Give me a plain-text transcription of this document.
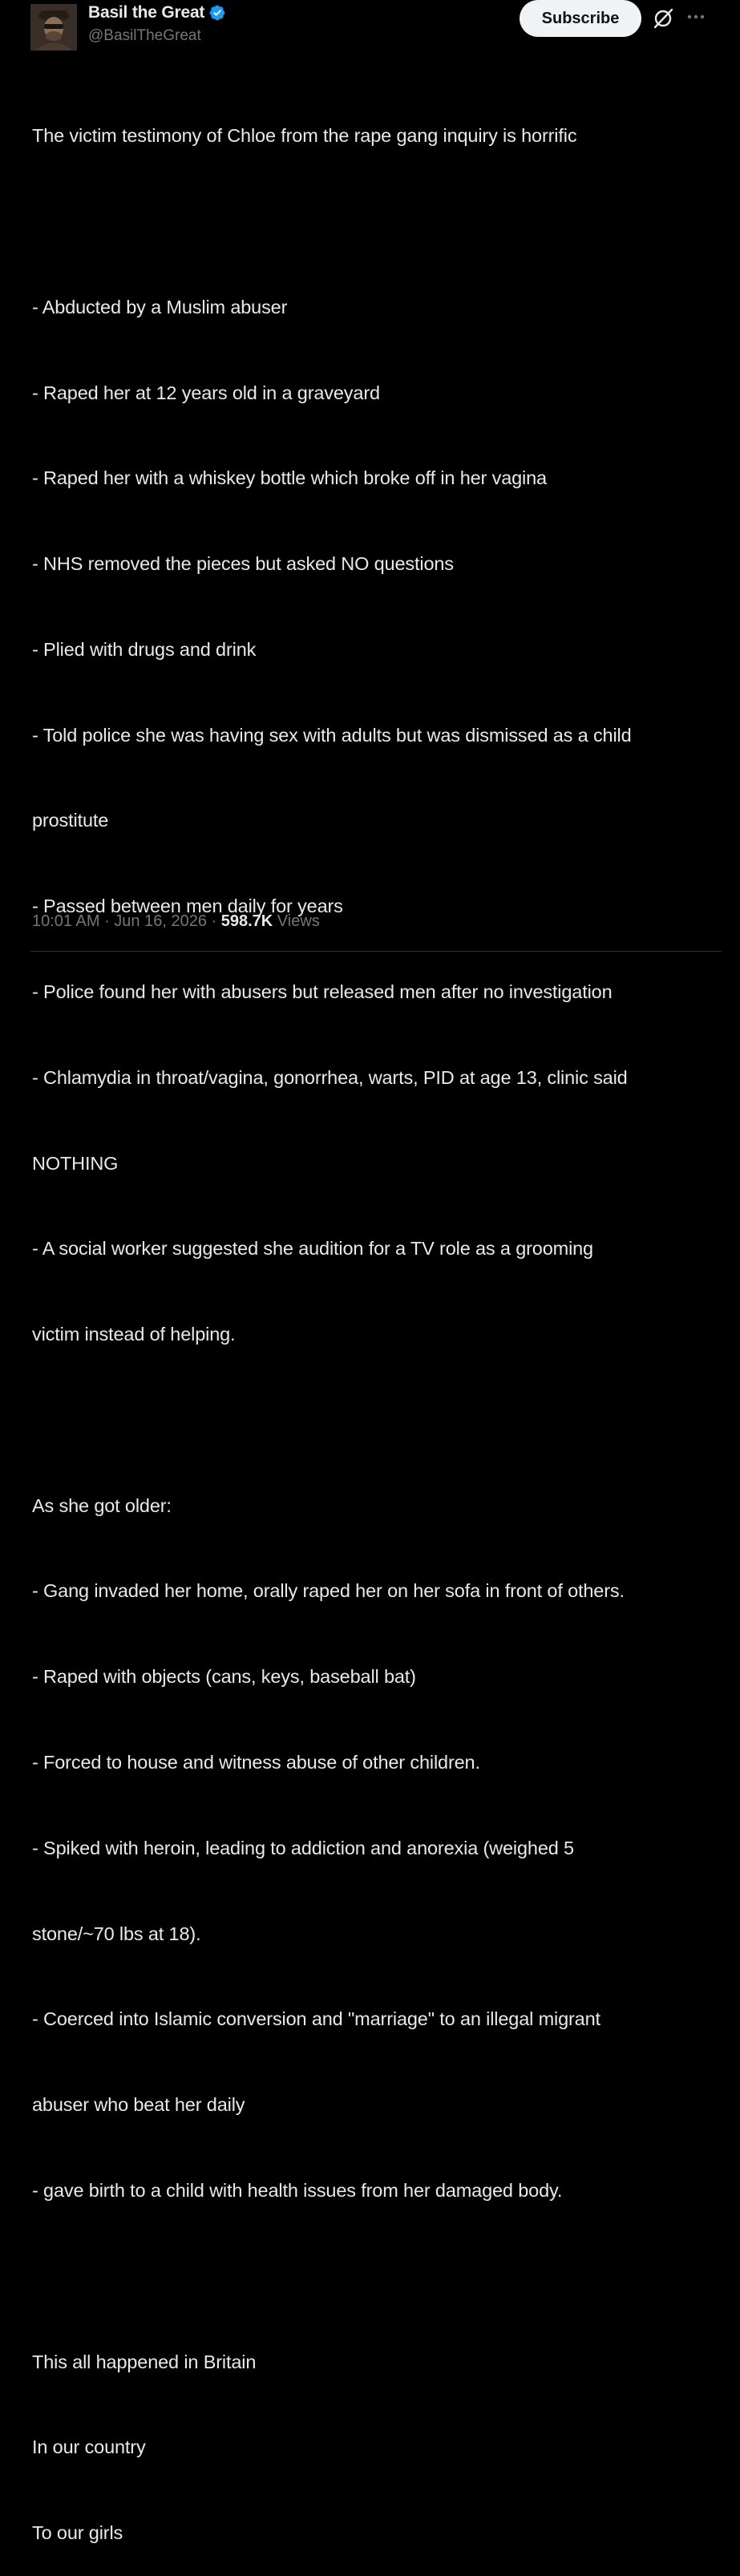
Basil the Great
@BasilTheGreat
Subscribe

The victim testimony of Chloe from the rape gang inquiry is horrific

- Abducted by a Muslim abuser

- Raped her at 12 years old in a graveyard

- Raped her with a whiskey bottle which broke off in her vagina

- NHS removed the pieces but asked NO questions

- Plied with drugs and drink

- Told police she was having sex with adults but was dismissed as a child

prostitute

- Passed between men daily for years

- Police found her with abusers but released men after no investigation

- Chlamydia in throat/vagina, gonorrhea, warts, PID at age 13, clinic said

NOTHING

- A social worker suggested she audition for a TV role as a grooming

victim instead of helping.

As she got older:

- Gang invaded her home, orally raped her on her sofa in front of others.

- Raped with objects (cans, keys, baseball bat)

- Forced to house and witness abuse of other children.

- Spiked with heroin, leading to addiction and anorexia (weighed 5

stone/~70 lbs at 18).

- Coerced into Islamic conversion and "marriage" to an illegal migrant

abuser who beat her daily

- gave birth to a child with health issues from her damaged body.

This all happened in Britain

In our country

To our girls

10:01 AM · Jun 16, 2026 · 598.7K Views
